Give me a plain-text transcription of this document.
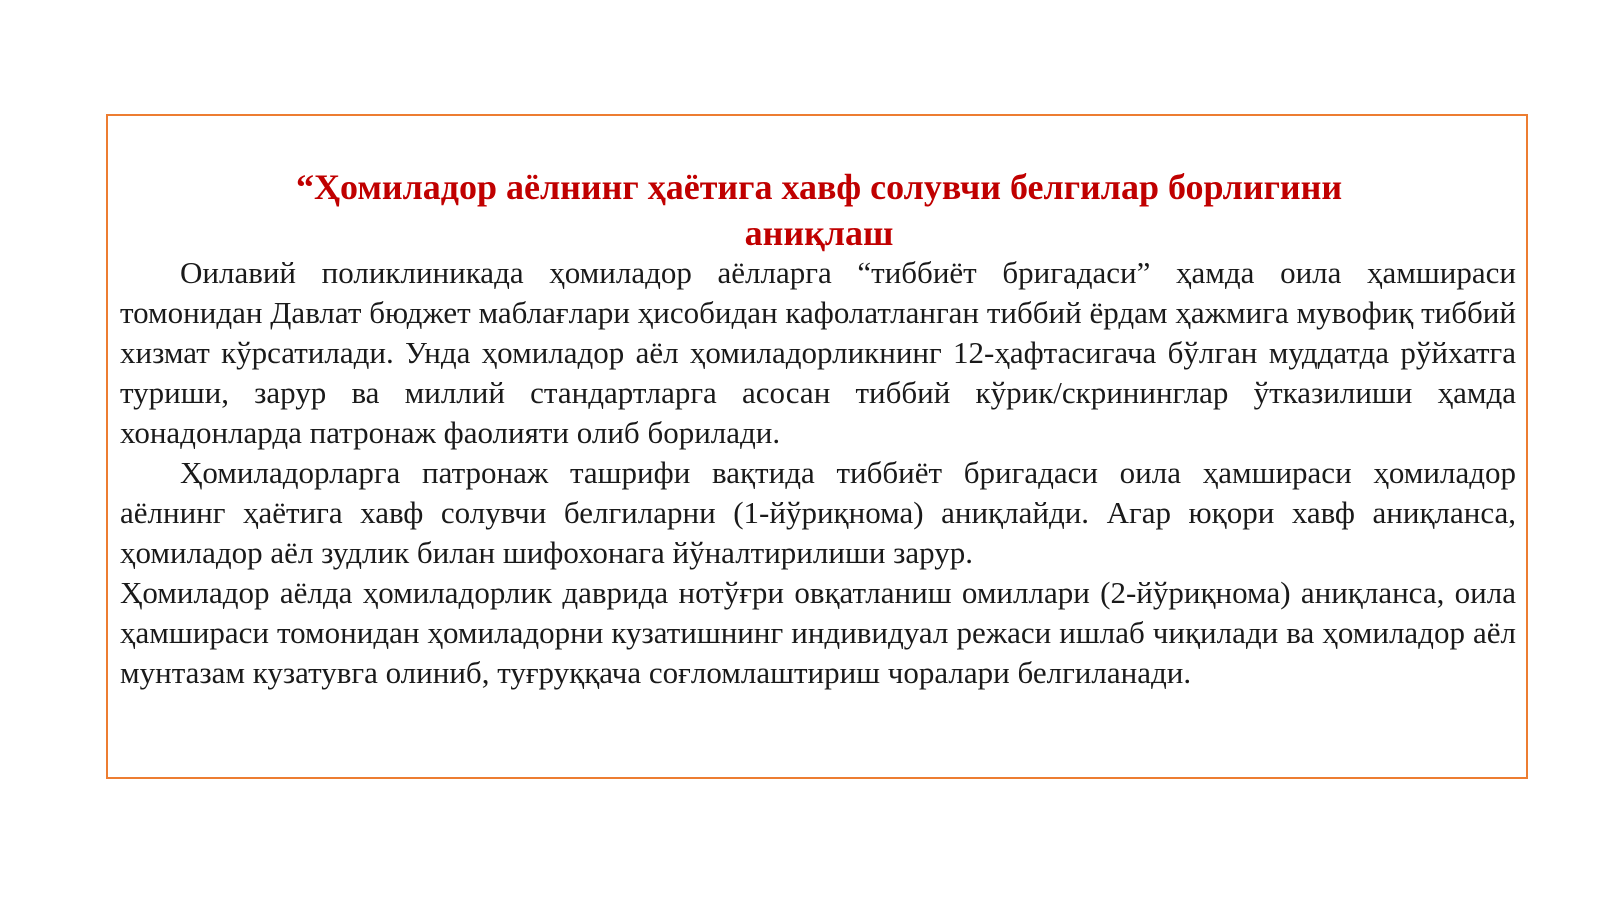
“Ҳомиладор аёлнинг ҳаётига хавф солувчи белгилар борлигини
аниқлаш

Оилавий поликлиникада ҳомиладор аёлларга “тиббиёт бригадаси” ҳамда оила ҳамшираси томонидан Давлат бюджет маблағлари ҳисобидан кафолатланган тиббий ёрдам ҳажмига мувофиқ тиббий хизмат кўрсатилади. Унда ҳомиладор аёл ҳомиладорликнинг 12-ҳафтасигача бўлган муддатда рўйхатга туриши, зарур ва миллий стандартларга асосан тиббий кўрик/скрининглар ўтказилиши ҳамда хонадонларда патронаж фаолияти олиб борилади.

Ҳомиладорларга патронаж ташрифи вақтида тиббиёт бригадаси оила ҳамшираси ҳомиладор аёлнинг ҳаётига хавф солувчи белгиларни (1-йўриқнома) аниқлайди. Агар юқори хавф аниқланса, ҳомиладор аёл зудлик билан шифохонага йўналтирилиши зарур.

Ҳомиладор аёлда ҳомиладорлик даврида нотўғри овқатланиш омиллари (2-йўриқнома) аниқланса, оила ҳамшираси томонидан ҳомиладорни кузатишнинг индивидуал режаси ишлаб чиқилади ва ҳомиладор аёл мунтазам кузатувга олиниб, туғруққача соғломлаштириш чоралари белгиланади.
